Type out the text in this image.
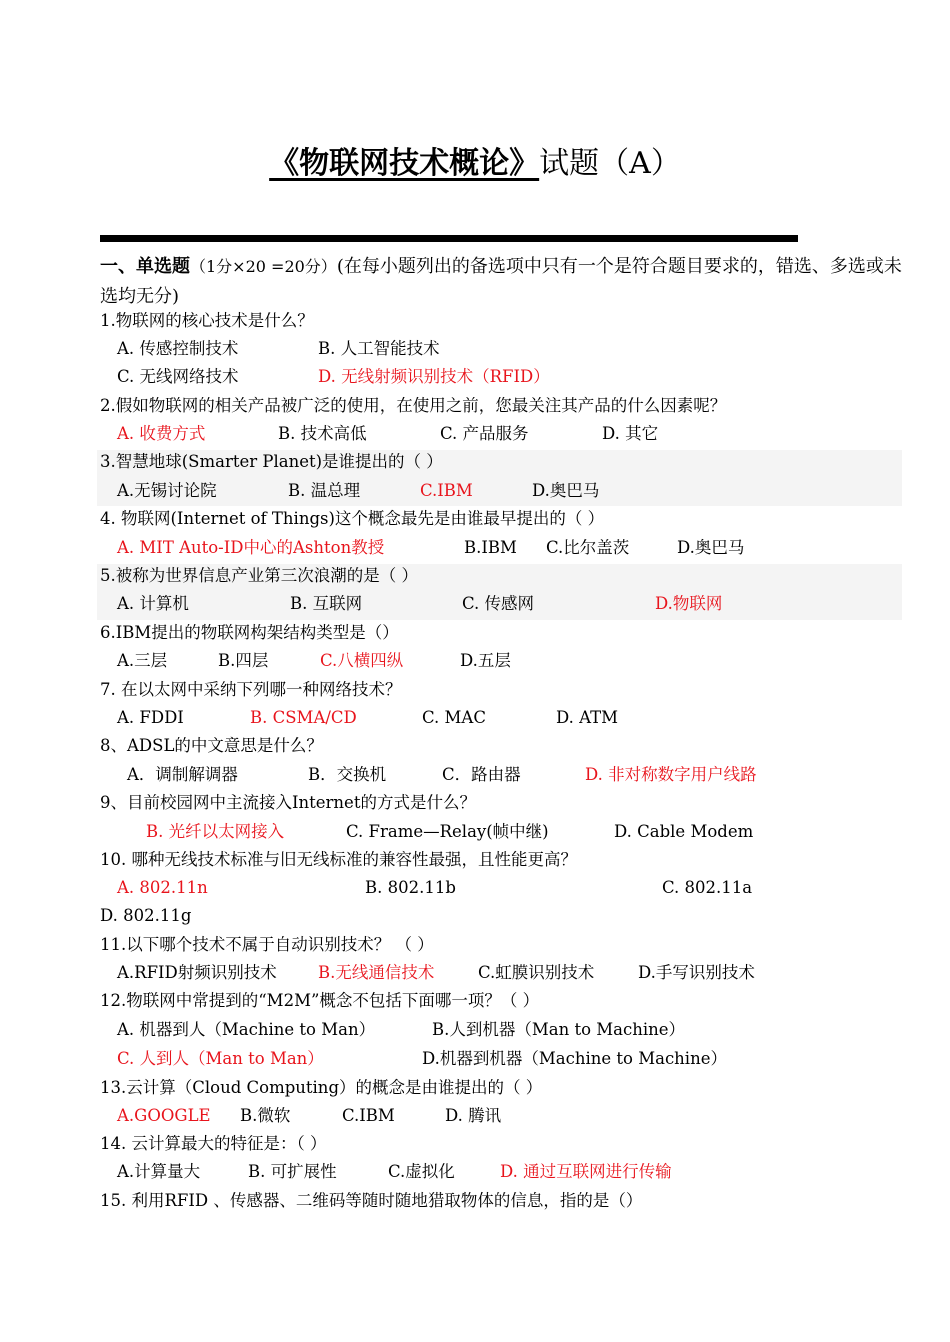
《物联网技术概论》试题（A）
一、单选题（1分×20 =20分）(在每小题列出的备选项中只有一个是符合题目要求的，错选、多选或未选均无分)
1.物联网的核心技术是什么？
A. 传感控制技术	B. 人工智能技术
C. 无线网络技术	D. 无线射频识别技术（RFID）
2.假如物联网的相关产品被广泛的使用，在使用之前，您最关注其产品的什么因素呢？
A. 收费方式	B. 技术高低	C. 产品服务	D. 其它
3.智慧地球(Smarter Planet)是谁提出的（ ）
A.无锡讨论院	B. 温总理	C.IBM	D.奥巴马
4. 物联网(Internet of Things)这个概念最先是由谁最早提出的（ ）
A. MIT Auto-ID中心的Ashton教授	B.IBM C.比尔盖茨	D.奥巴马
5.被称为世界信息产业第三次浪潮的是（ ）
A. 计算机	B. 互联网	C. 传感网	D.物联网
6.IBM提出的物联网构架结构类型是（）
A.三层	B.四层	C.八横四纵	D.五层
7. 在以太网中采纳下列哪一种网络技术？
A. FDDI	B. CSMA/CD	C. MAC	D. ATM
8、ADSL的中文意思是什么？
A．调制解调器	B．交换机	C．路由器	D. 非对称数字用户线路
9、目前校园网中主流接入Internet的方式是什么？
B. 光纤以太网接入	C. Frame—Relay(帧中继)	D. Cable Modem
10. 哪种无线技术标准与旧无线标准的兼容性最强，且性能更高？
A. 802.11n	B. 802.11b	C. 802.11a
D. 802.11g
11.以下哪个技术不属于自动识别技术？ （ ）
A.RFID射频识别技术 B.无线通信技术	C.虹膜识别技术	D.手写识别技术
12.物联网中常提到的“M2M”概念不包括下面哪一项？（ ）
A. 机器到人（Machine to Man）	B.人到机器（Man to Machine）
C. 人到人（Man to Man）	D.机器到机器（Machine to Machine）
13.云计算（Cloud Computing）的概念是由谁提出的（ ）
A.GOOGLE B.微软	C.IBM	D. 腾讯
14. 云计算最大的特征是：（ ）
A.计算量大	B. 可扩展性	C.虚拟化	D. 通过互联网进行传输
15. 利用RFID 、传感器、二维码等随时随地猎取物体的信息，指的是（）
